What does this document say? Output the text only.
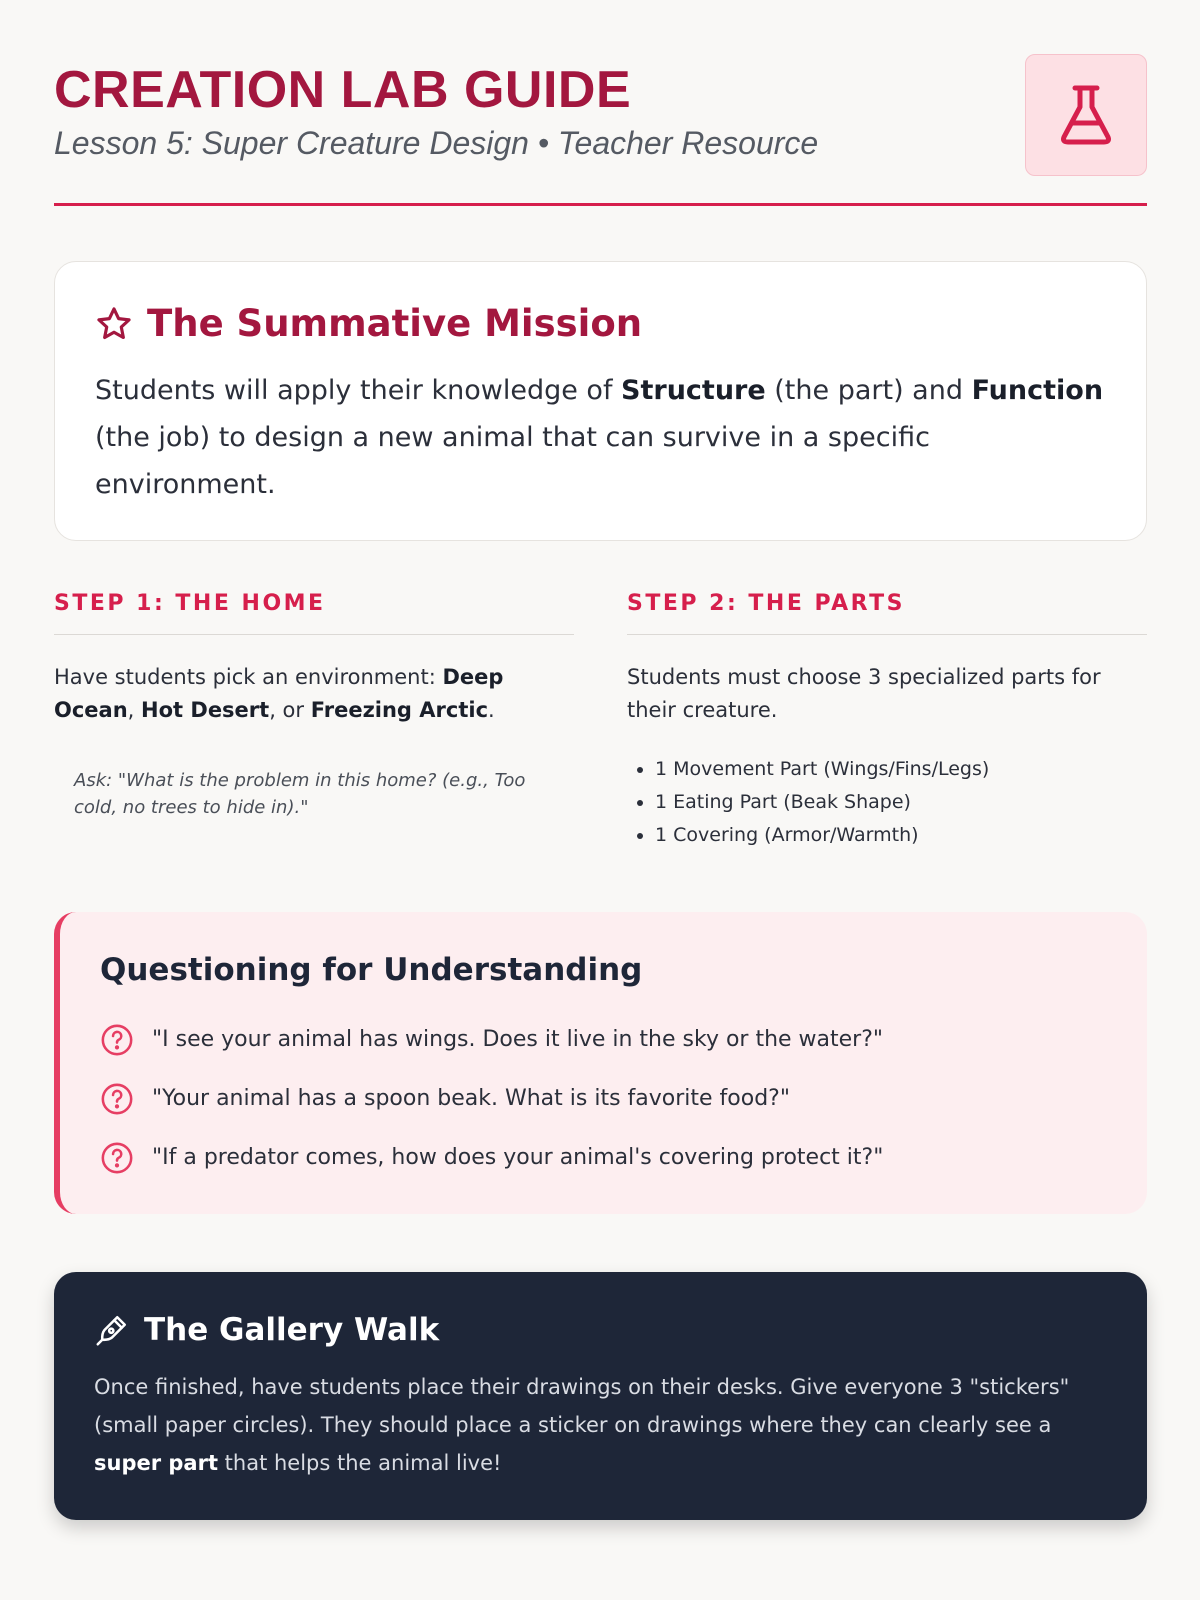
CREATION LAB GUIDE

Lesson 5: Super Creature Design • Teacher Resource

The Summative Mission

Students will apply their knowledge of Structure (the part) and Function (the job) to design a new animal that can survive in a specific environment.

STEP 1: THE HOME

Have students pick an environment: Deep Ocean, Hot Desert, or Freezing Arctic.

Ask: "What is the problem in this home? (e.g., Too cold, no trees to hide in)."

STEP 2: THE PARTS

Students must choose 3 specialized parts for their creature.

• 1 Movement Part (Wings/Fins/Legs)
• 1 Eating Part (Beak Shape)
• 1 Covering (Armor/Warmth)
Questioning for Understanding
"I see your animal has wings. Does it live in the sky or the water?"
"Your animal has a spoon beak. What is its favorite food?"
"If a predator comes, how does your animal's covering protect it?"
The Gallery Walk

Once finished, have students place their drawings on their desks. Give everyone 3 "stickers" (small paper circles). They should place a sticker on drawings where they can clearly see a super part that helps the animal live!
